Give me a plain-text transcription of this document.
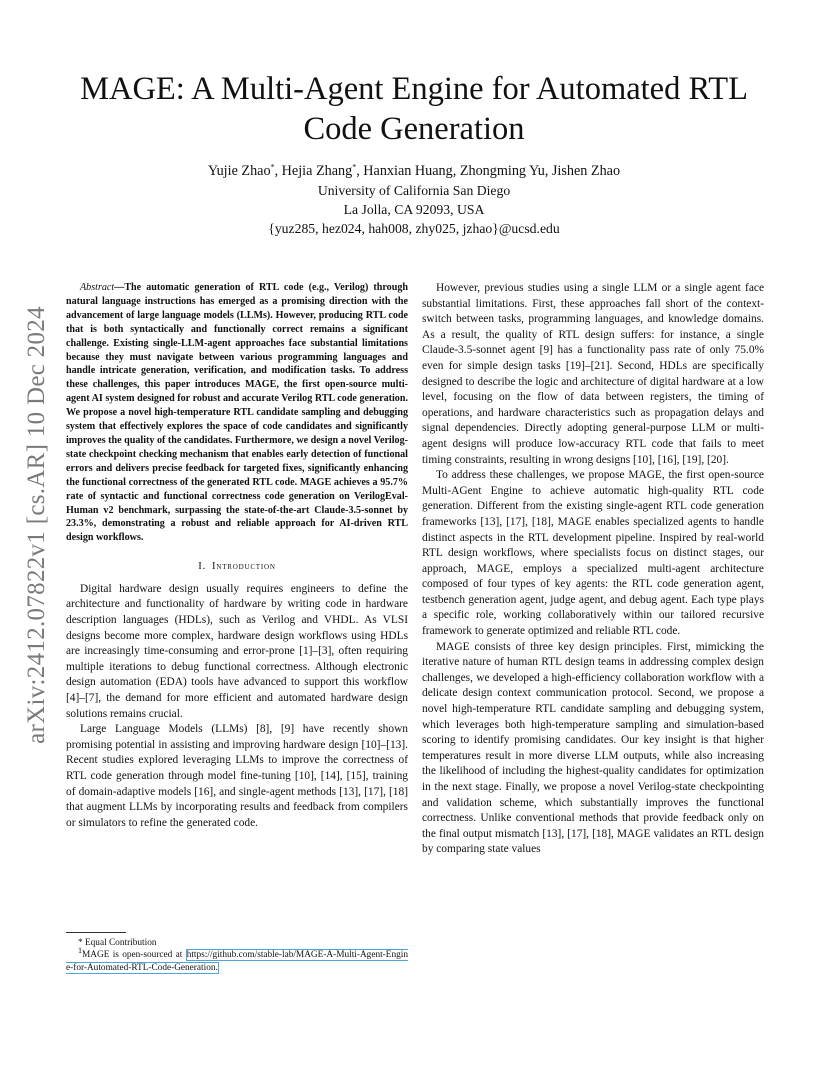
arXiv:2412.07822v1 [cs.AR] 10 Dec 2024
MAGE: A Multi-Agent Engine for Automated RTL Code Generation
Yujie Zhao*, Hejia Zhang*, Hanxian Huang, Zhongming Yu, Jishen Zhao
University of California San Diego
La Jolla, CA 92093, USA
{yuz285, hez024, hah008, zhy025, jzhao}@ucsd.edu

Abstract—The automatic generation of RTL code (e.g., Verilog) through natural language instructions has emerged as a promising direction with the advancement of large language models (LLMs). However, producing RTL code that is both syntactically and functionally correct remains a significant challenge. Existing single-LLM-agent approaches face substantial limitations because they must navigate between various programming languages and handle intricate generation, verification, and modification tasks. To address these challenges, this paper introduces MAGE, the first open-source multi-agent AI system designed for robust and accurate Verilog RTL code generation. We propose a novel high-temperature RTL candidate sampling and debugging system that effectively explores the space of code candidates and significantly improves the quality of the candidates. Furthermore, we design a novel Verilog-state checkpoint checking mechanism that enables early detection of functional errors and delivers precise feedback for targeted fixes, significantly enhancing the functional correctness of the generated RTL code. MAGE achieves a 95.7% rate of syntactic and functional correctness code generation on VerilogEval-Human v2 benchmark, surpassing the state-of-the-art Claude-3.5-sonnet by 23.3%, demonstrating a robust and reliable approach for AI-driven RTL design workflows.

I. Introduction

Digital hardware design usually requires engineers to define the architecture and functionality of hardware by writing code in hardware description languages (HDLs), such as Verilog and VHDL. As VLSI designs become more complex, hardware design workflows using HDLs are increasingly time-consuming and error-prone [1]–[3], often requiring multiple iterations to debug functional correctness. Although electronic design automation (EDA) tools have advanced to support this workflow [4]–[7], the demand for more efficient and automated hardware design solutions remains crucial.

Large Language Models (LLMs) [8], [9] have recently shown promising potential in assisting and improving hardware design [10]–[13]. Recent studies explored leveraging LLMs to improve the correctness of RTL code generation through model fine-tuning [10], [14], [15], training of domain-adaptive models [16], and single-agent methods [13], [17], [18] that augment LLMs by incorporating results and feedback from compilers or simulators to refine the generated code.

* Equal Contribution

$^1$MAGE is open-sourced at https://github.com/stable-lab/MAGE-A-Multi-Agent-Engine-for-Automated-RTL-Code-Generation.

However, previous studies using a single LLM or a single agent face substantial limitations. First, these approaches fall short of the context-switch between tasks, programming languages, and knowledge domains. As a result, the quality of RTL design suffers: for instance, a single Claude-3.5-sonnet agent [9] has a functionality pass rate of only 75.0% even for simple design tasks [19]–[21]. Second, HDLs are specifically designed to describe the logic and architecture of digital hardware at a low level, focusing on the flow of data between registers, the timing of operations, and hardware characteristics such as propagation delays and signal dependencies. Directly adopting general-purpose LLM or multi-agent designs will produce low-accuracy RTL code that fails to meet timing constraints, resulting in wrong designs [10], [16], [19], [20].

To address these challenges, we propose MAGE, the first open-source Multi-AGent Engine to achieve automatic high-quality RTL code generation. Different from the existing single-agent RTL code generation frameworks [13], [17], [18], MAGE enables specialized agents to handle distinct aspects in the RTL development pipeline. Inspired by real-world RTL design workflows, where specialists focus on distinct stages, our approach, MAGE, employs a specialized multi-agent architecture composed of four types of key agents: the RTL code generation agent, testbench generation agent, judge agent, and debug agent. Each type plays a specific role, working collaboratively within our tailored recursive framework to generate optimized and reliable RTL code.

MAGE consists of three key design principles. First, mimicking the iterative nature of human RTL design teams in addressing complex design challenges, we developed a high-efficiency collaboration workflow with a delicate design context communication protocol. Second, we propose a novel high-temperature RTL candidate sampling and debugging system, which leverages both high-temperature sampling and simulation-based scoring to identify promising candidates. Our key insight is that higher temperatures result in more diverse LLM outputs, while also increasing the likelihood of including the highest-quality candidates for optimization in the next stage. Finally, we propose a novel Verilog-state checkpointing and validation scheme, which substantially improves the functional correctness. Unlike conventional methods that provide feedback only on the final output mismatch [13], [17], [18], MAGE validates an RTL design by comparing state values
